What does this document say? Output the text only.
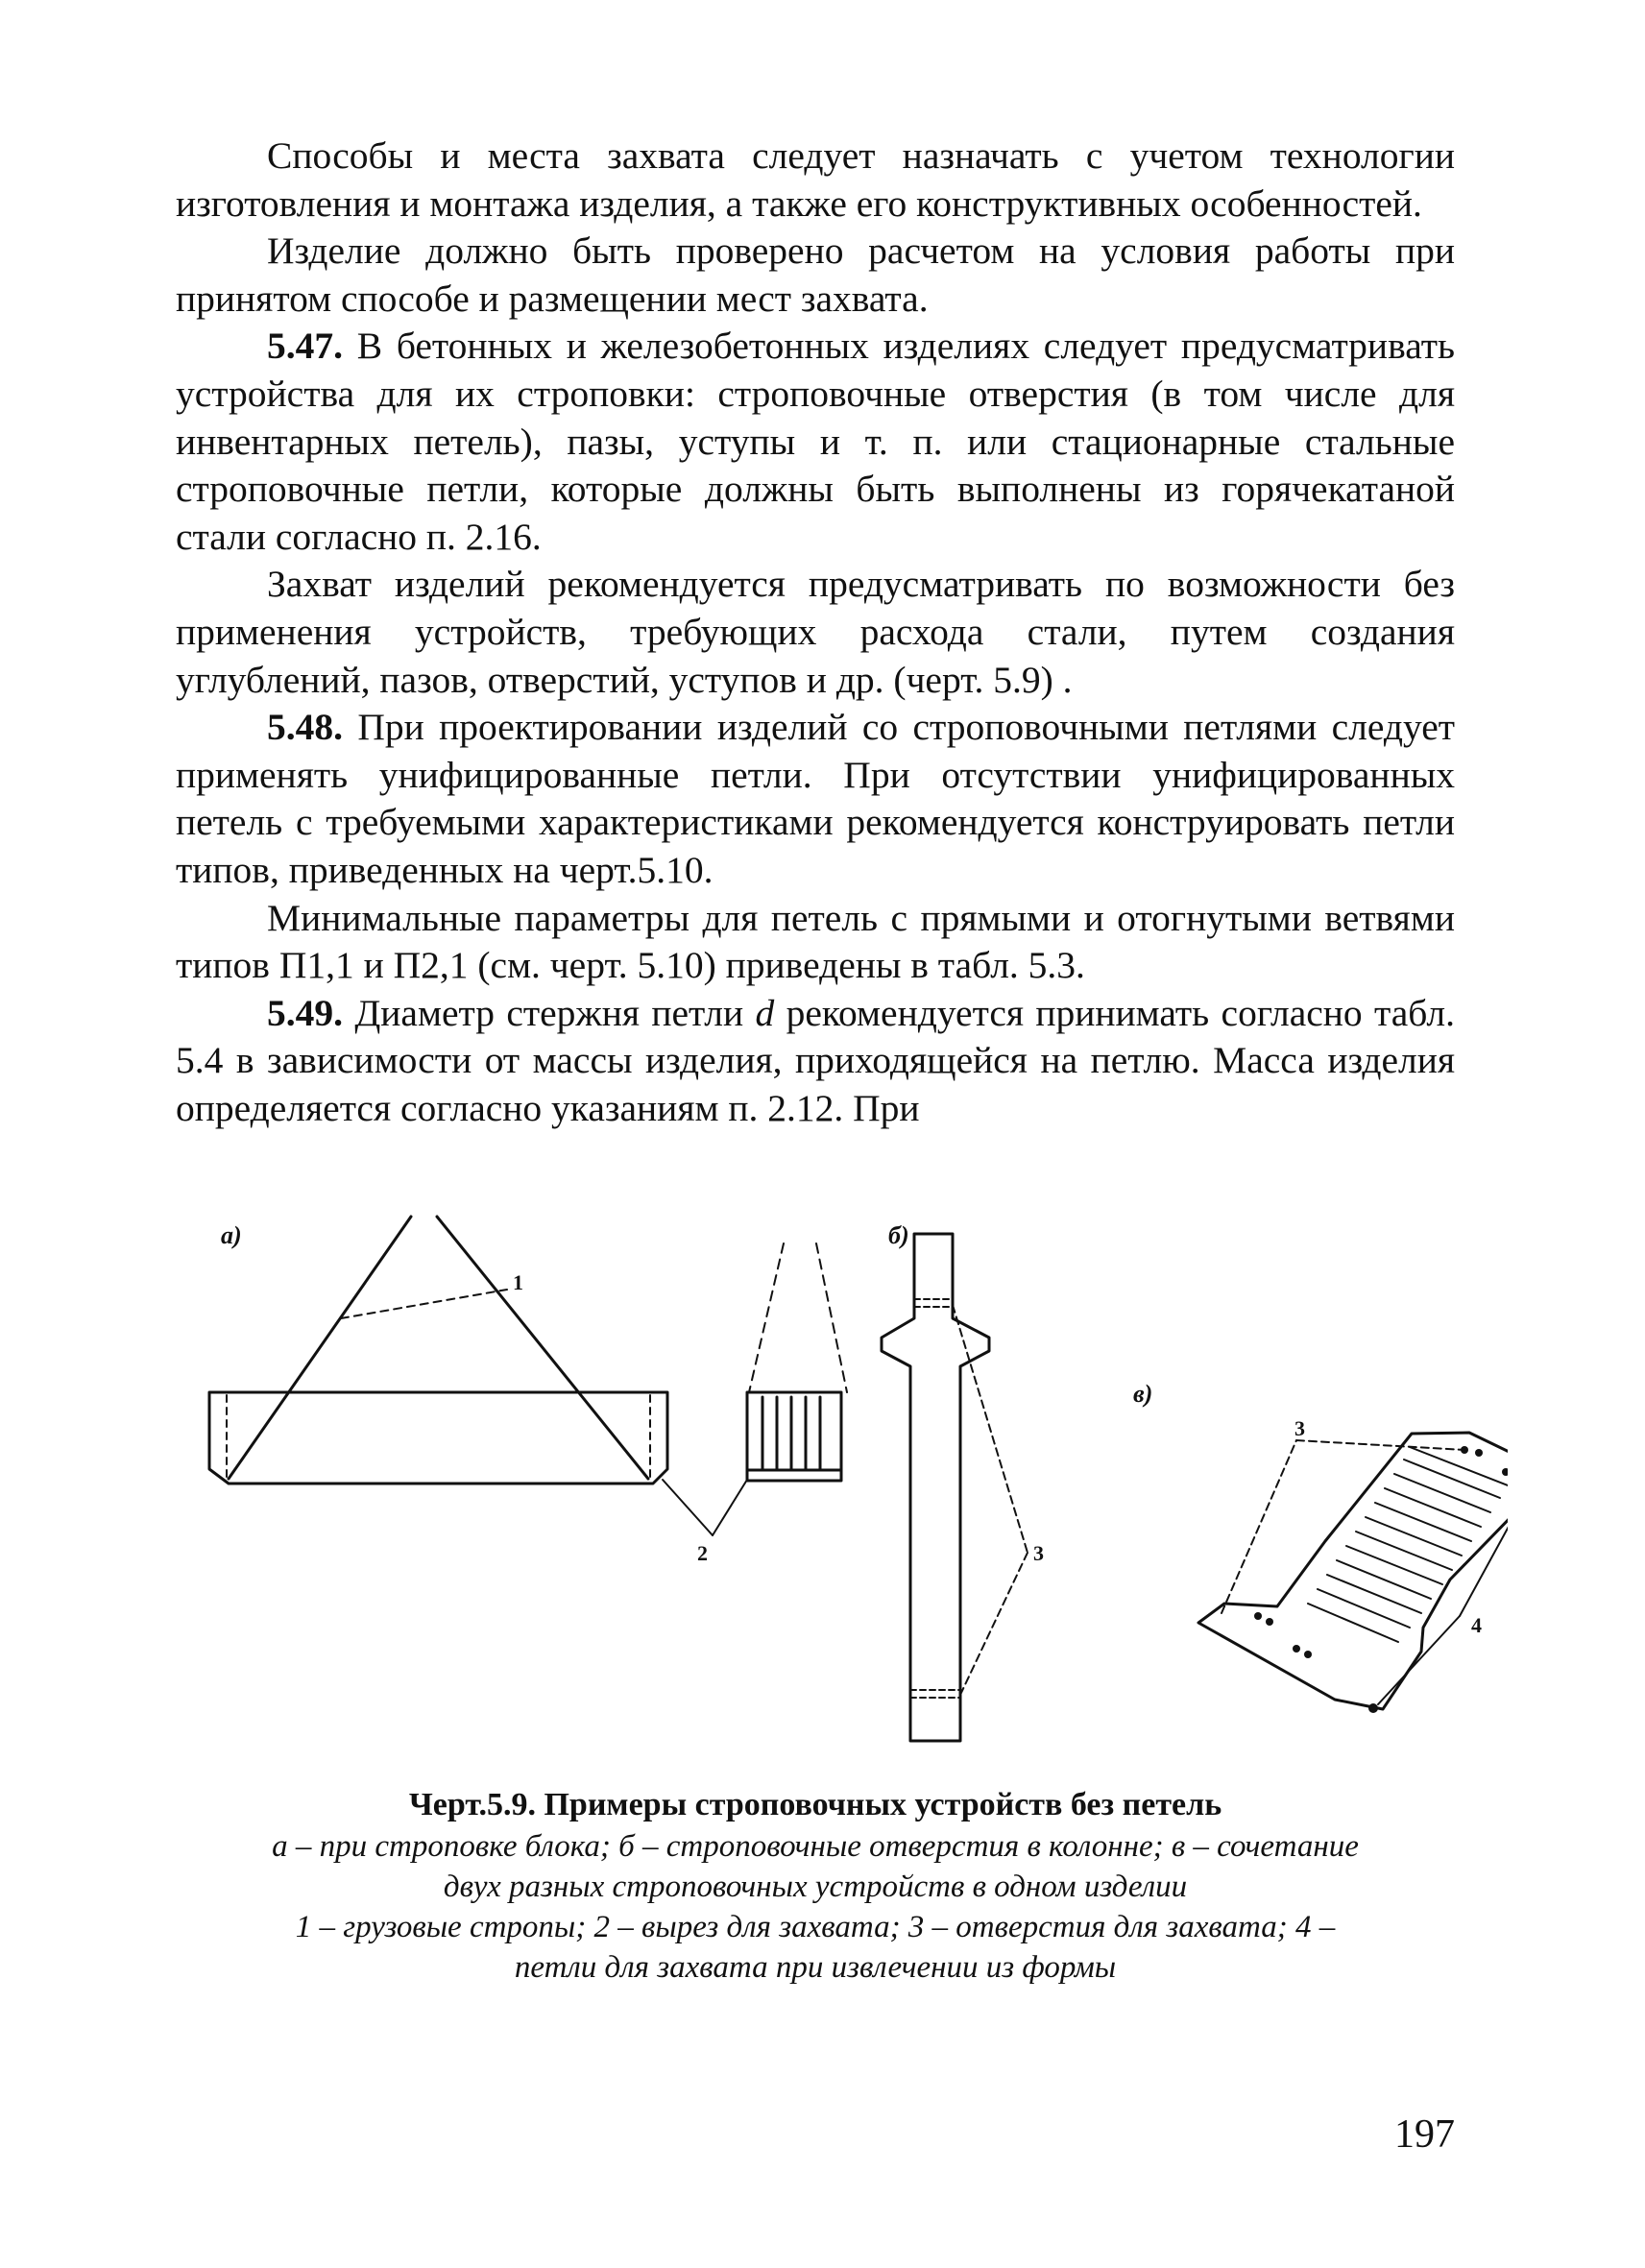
Способы и места захвата следует назначать с учетом технологии изготовления и монтажа изделия, а также его конструктивных особенностей.

Изделие должно быть проверено расчетом на условия работы при принятом способе и размещении мест захвата.

5.47. В бетонных и железобетонных изделиях следует предусматривать устройства для их строповки: строповочные отверстия (в том числе для инвентарных петель), пазы, уступы и т. п. или стационарные стальные строповочные петли, которые должны быть выполнены из горячекатаной стали согласно п. 2.16.

Захват изделий рекомендуется предусматривать по возможности без применения устройств, требующих расхода стали, путем создания углублений, пазов, отверстий, уступов и др. (черт. 5.9) .

5.48. При проектировании изделий со строповочными петлями следует применять унифицированные петли. При отсутствии унифицированных петель с требуемыми характеристиками рекомендуется конструировать петли типов, приведенных на черт.5.10.

Минимальные параметры для петель с прямыми и отогнутыми ветвями типов П1,1 и П2,1 (см. черт. 5.10) приведены в табл. 5.3.

5.49. Диаметр стержня петли d рекомендуется принимать согласно табл. 5.4 в зависимости от массы изделия, приходящейся на петлю. Масса изделия определяется согласно указаниям п. 2.12. При

а)
1
2
б)
3
в)
3
4
Черт.5.9. Примеры строповочных устройств без петель
а – при строповке блока; б – строповочные отверстия в колонне; в – сочетание
двух разных строповочных устройств в одном изделии
1 – грузовые стропы; 2 – вырез для захвата; 3 – отверстия для захвата; 4 –
петли для захвата при извлечении из формы
197
